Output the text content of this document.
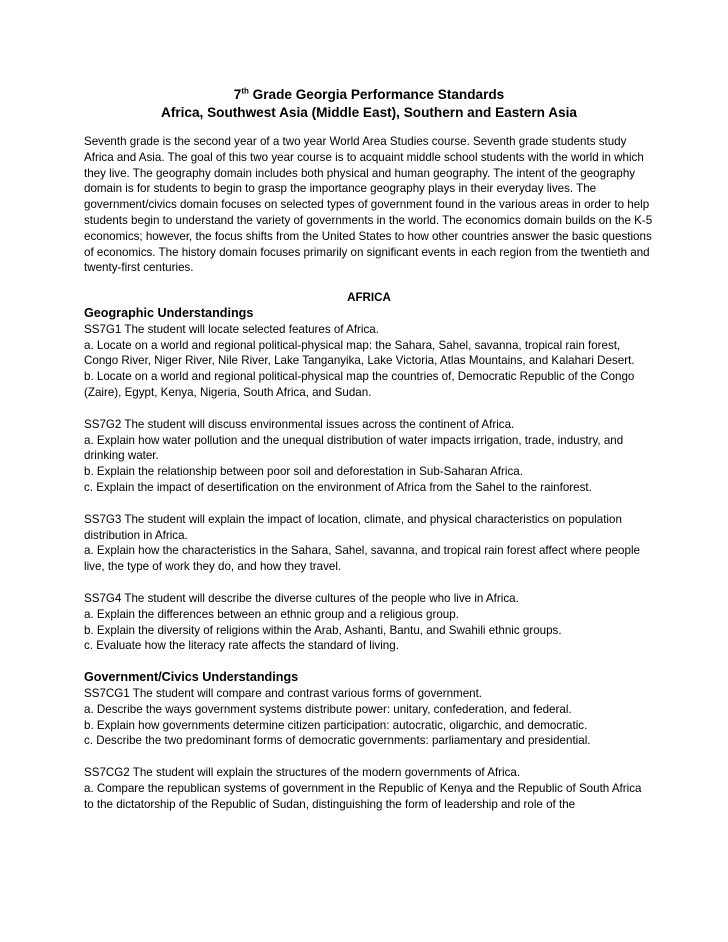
7th Grade Georgia Performance Standards
Africa, Southwest Asia (Middle East), Southern and Eastern Asia

Seventh grade is the second year of a two year World Area Studies course. Seventh grade students study Africa and Asia. The goal of this two year course is to acquaint middle school students with the world in which they live. The geography domain includes both physical and human geography. The intent of the geography domain is for students to begin to grasp the importance geography plays in their everyday lives. The government/civics domain focuses on selected types of government found in the various areas in order to help students begin to understand the variety of governments in the world. The economics domain builds on the K-5 economics; however, the focus shifts from the United States to how other countries answer the basic questions of economics. The history domain focuses primarily on significant events in each region from the twentieth and twenty-first centuries.

AFRICA

Geographic Understandings
SS7G1 The student will locate selected features of Africa.
a. Locate on a world and regional political-physical map: the Sahara, Sahel, savanna, tropical rain forest, Congo River, Niger River, Nile River, Lake Tanganyika, Lake Victoria, Atlas Mountains, and Kalahari Desert.
b. Locate on a world and regional political-physical map the countries of, Democratic Republic of the Congo (Zaire), Egypt, Kenya, Nigeria, South Africa, and Sudan.
SS7G2 The student will discuss environmental issues across the continent of Africa.
a. Explain how water pollution and the unequal distribution of water impacts irrigation, trade, industry, and drinking water.
b. Explain the relationship between poor soil and deforestation in Sub-Saharan Africa.
c. Explain the impact of desertification on the environment of Africa from the Sahel to the rainforest.
SS7G3 The student will explain the impact of location, climate, and physical characteristics on population distribution in Africa.
a. Explain how the characteristics in the Sahara, Sahel, savanna, and tropical rain forest affect where people live, the type of work they do, and how they travel.
SS7G4 The student will describe the diverse cultures of the people who live in Africa.
a. Explain the differences between an ethnic group and a religious group.
b. Explain the diversity of religions within the Arab, Ashanti, Bantu, and Swahili ethnic groups.
c. Evaluate how the literacy rate affects the standard of living.
Government/Civics Understandings
SS7CG1 The student will compare and contrast various forms of government.
a. Describe the ways government systems distribute power: unitary, confederation, and federal.
b. Explain how governments determine citizen participation: autocratic, oligarchic, and democratic.
c. Describe the two predominant forms of democratic governments: parliamentary and presidential.
SS7CG2 The student will explain the structures of the modern governments of Africa.
a. Compare the republican systems of government in the Republic of Kenya and the Republic of South Africa to the dictatorship of the Republic of Sudan, distinguishing the form of leadership and role of the
